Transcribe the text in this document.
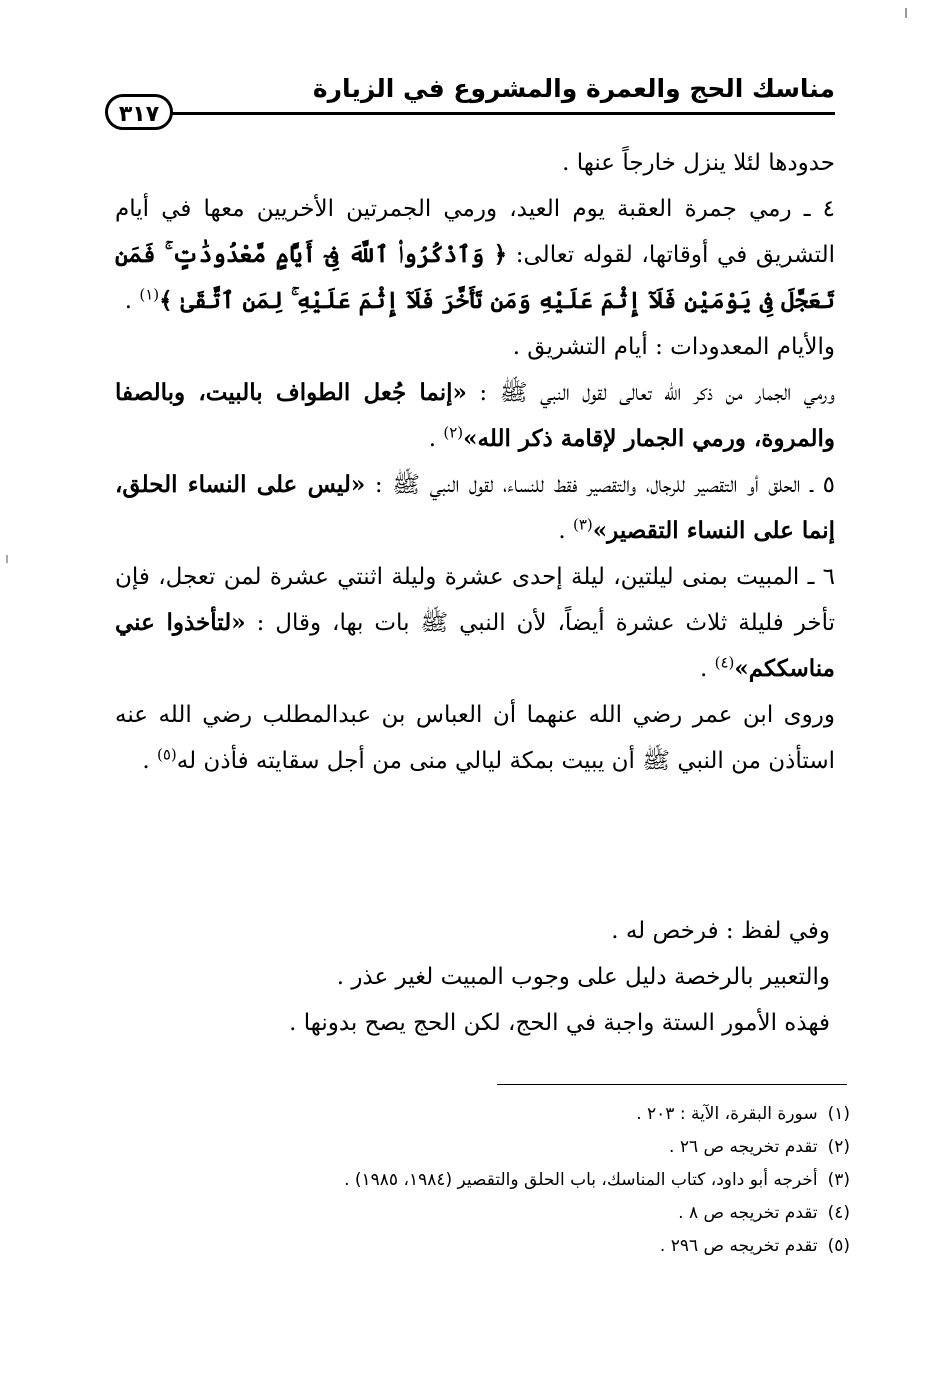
مناسك الحج والعمرة والمشروع في الزيارة
٣١٧

حدودها لئلا ينزل خارجاً عنها .

٤ ـ رمي جمرة العقبة يوم العيد، ورمي الجمرتين الأخريين معها في أيام التشريق في أوقاتها، لقوله تعالى: ﴿ وَٱذْكُرُوا۟ ٱللَّهَ فِىٓ أَيَّامٍ مَّعْدُودَٰتٍ ۚ فَمَن تَعَجَّلَ فِى يَوْمَيْنِ فَلَآ إِثْمَ عَلَيْهِ وَمَن تَأَخَّرَ فَلَآ إِثْمَ عَلَيْهِ ۚ لِمَنِ ٱتَّقَىٰ ﴾$^{(١)}$ .

والأيام المعدودات : أيام التشريق .

ورمي الجمار من ذكر الله تعالى لقول النبي ﷺ : «إنما جُعل الطواف بالبيت، وبالصفا والمروة، ورمي الجمار لإقامة ذكر الله»$^{(٢)}$ .

٥ ـ الحلق أو التقصير للرجال، والتقصير فقط للنساء، لقول النبي ﷺ : «ليس على النساء الحلق، إنما على النساء التقصير»$^{(٣)}$ .

٦ ـ المبيت بمنى ليلتين، ليلة إحدى عشرة وليلة اثنتي عشرة لمن تعجل، فإن تأخر فليلة ثلاث عشرة أيضاً، لأن النبي ﷺ بات بها، وقال : «لتأخذوا عني مناسككم»$^{(٤)}$ .

وروى ابن عمر رضي الله عنهما أن العباس بن عبدالمطلب رضي الله عنه استأذن من النبي ﷺ أن يبيت بمكة ليالي منى من أجل سقايته فأذن له$^{(٥)}$ .

وفي لفظ : فرخص له .

والتعبير بالرخصة دليل على وجوب المبيت لغير عذر .

فهذه الأمور الستة واجبة في الحج، لكن الحج يصح بدونها .

(١)سورة البقرة، الآية : ٢٠٣ .

(٢)تقدم تخريجه ص ٢٦ .

(٣)أخرجه أبو داود، كتاب المناسك، باب الحلق والتقصير (١٩٨٤، ١٩٨٥) .

(٤)تقدم تخريجه ص ٨ .

(٥)تقدم تخريجه ص ٢٩٦ .
